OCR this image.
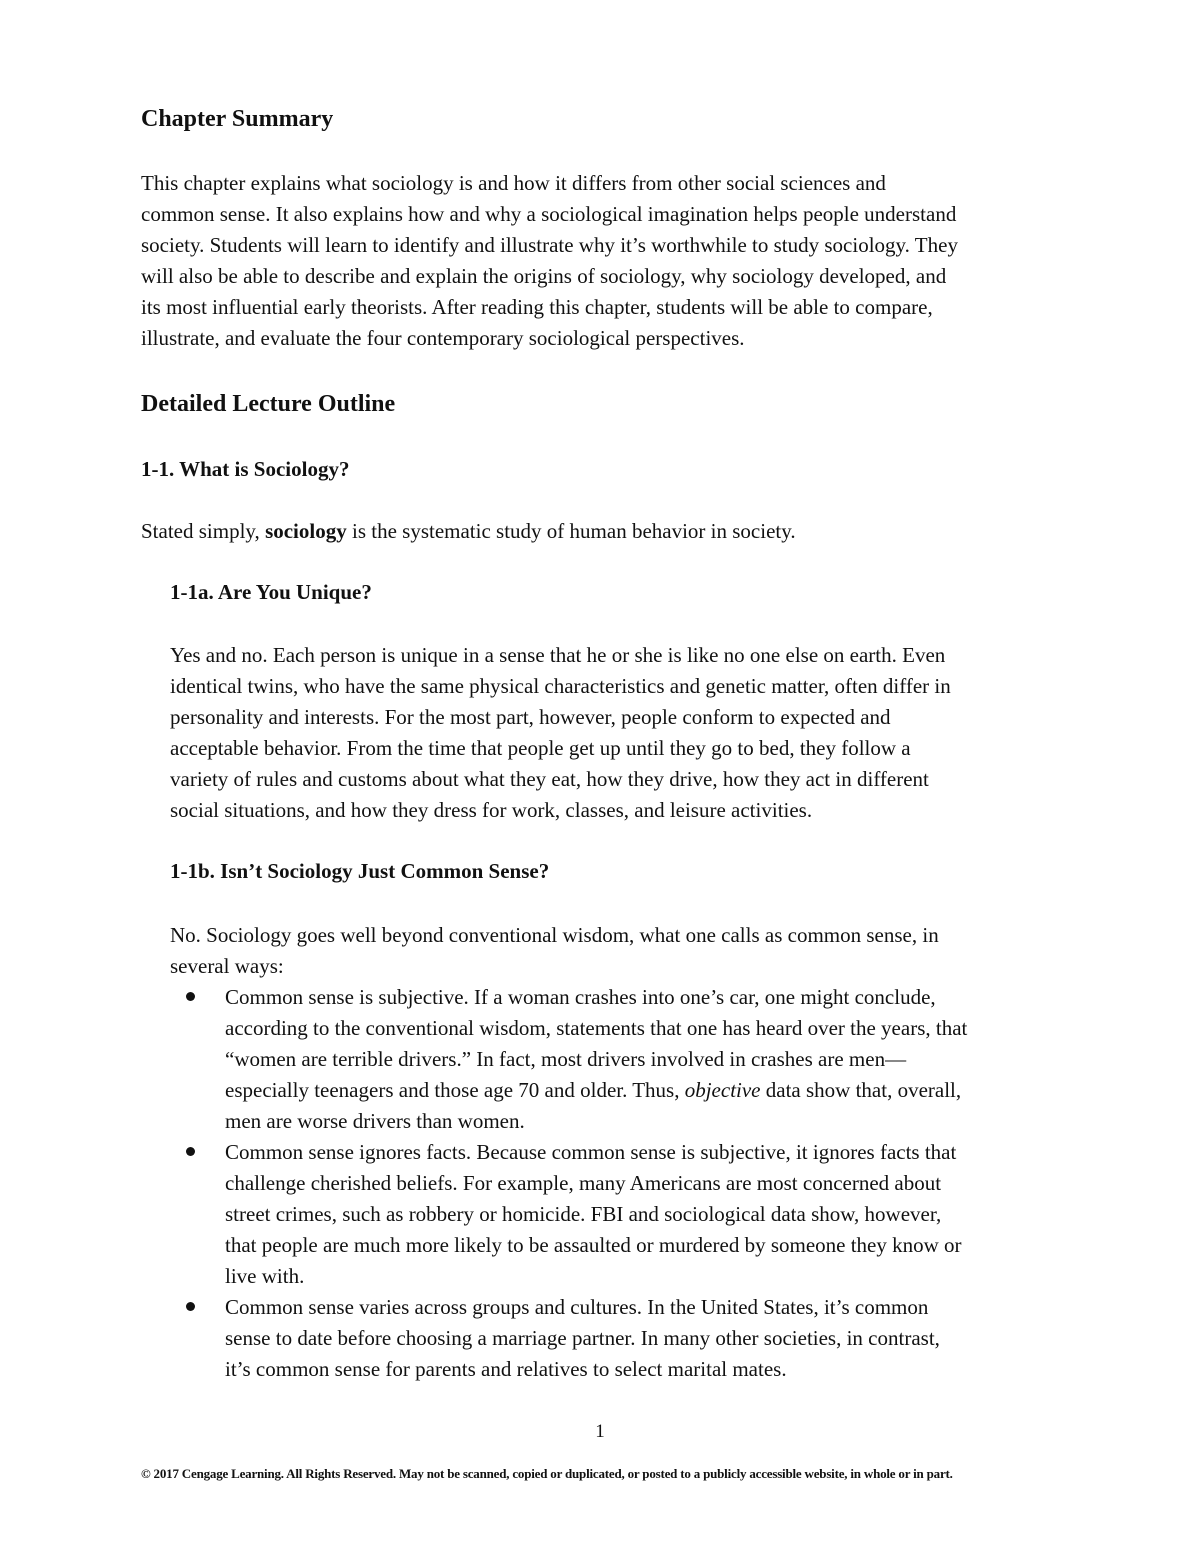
Chapter Summary

This chapter explains what sociology is and how it differs from other social sciences and
common sense. It also explains how and why a sociological imagination helps people understand
society. Students will learn to identify and illustrate why it’s worthwhile to study sociology. They
will also be able to describe and explain the origins of sociology, why sociology developed, and
its most influential early theorists. After reading this chapter, students will be able to compare,
illustrate, and evaluate the four contemporary sociological perspectives.

Detailed Lecture Outline
1-1. What is Sociology?

Stated simply, sociology is the systematic study of human behavior in society.

1-1a. Are You Unique?

Yes and no. Each person is unique in a sense that he or she is like no one else on earth. Even
identical twins, who have the same physical characteristics and genetic matter, often differ in
personality and interests. For the most part, however, people conform to expected and
acceptable behavior. From the time that people get up until they go to bed, they follow a
variety of rules and customs about what they eat, how they drive, how they act in different
social situations, and how they dress for work, classes, and leisure activities.

1-1b. Isn’t Sociology Just Common Sense?

No. Sociology goes well beyond conventional wisdom, what one calls as common sense, in
several ways:

Common sense is subjective. If a woman crashes into one’s car, one might conclude,
according to the conventional wisdom, statements that one has heard over the years, that
“women are terrible drivers.” In fact, most drivers involved in crashes are men—
especially teenagers and those age 70 and older. Thus, objective data show that, overall,
men are worse drivers than women.
Common sense ignores facts. Because common sense is subjective, it ignores facts that
challenge cherished beliefs. For example, many Americans are most concerned about
street crimes, such as robbery or homicide. FBI and sociological data show, however,
that people are much more likely to be assaulted or murdered by someone they know or
live with.
Common sense varies across groups and cultures. In the United States, it’s common
sense to date before choosing a marriage partner. In many other societies, in contrast,
it’s common sense for parents and relatives to select marital mates.
1
© 2017 Cengage Learning. All Rights Reserved. May not be scanned, copied or duplicated, or posted to a publicly accessible website, in whole or in part.
